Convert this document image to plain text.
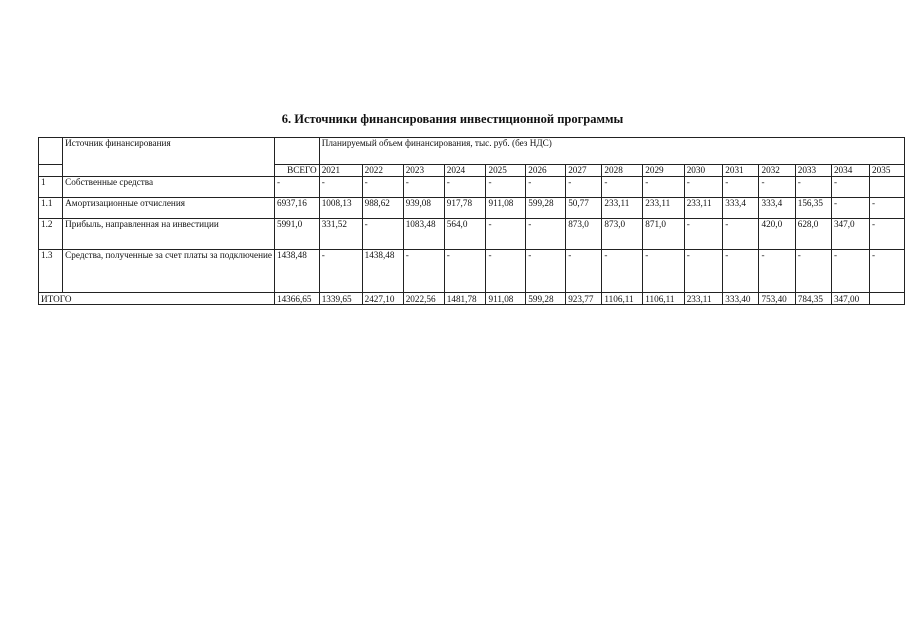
6. Источники финансирования инвестиционной программы
	Источник финансирования		Планируемый объем финансирования, тыс. руб. (без НДС)														
		ВСЕГО	2021	2022	2023	2024	2025	2026	2027	2028	2029	2030	2031	2032	2033	2034	2035
1	Собственные средства	-	-	-	-	-	-	-	-	-	-	-	-	-	-	-	
1.1	Амортизационные отчисления	6937,16	1008,13	988,62	939,08	917,78	911,08	599,28	50,77	233,11	233,11	233,11	333,4	333,4	156,35	-	-
1.2	Прибыль, направленная на инвестиции	5991,0	331,52	-	1083,48	564,0	-	-	873,0	873,0	871,0	-	-	420,0	628,0	347,0	-
1.3	Средства, полученные за счет платы за подключение	1438,48	-	1438,48	-	-	-	-	-	-	-	-	-	-	-	-	-
ИТОГО		14366,65	1339,65	2427,10	2022,56	1481,78	911,08	599,28	923,77	1106,11	1106,11	233,11	333,40	753,40	784,35	347,00	
